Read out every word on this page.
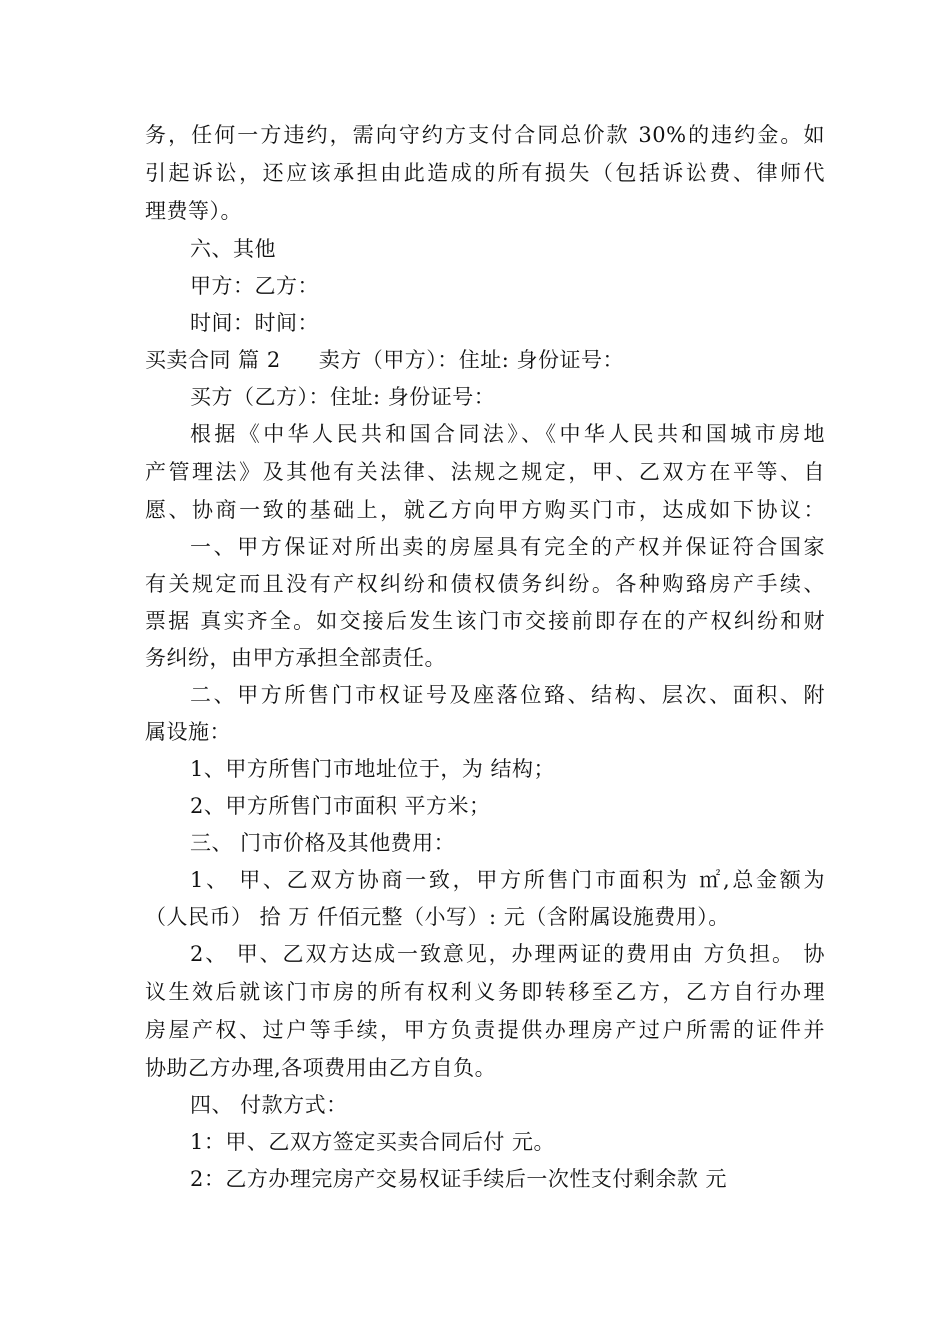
务，任何一方违约，需向守约方支付合同总价款 30%的违约金。如
引起诉讼，还应该承担由此造成的所有损失（包括诉讼费、律师代
理费等）。
六、其他
甲方：乙方：
时间：时间：
买卖合同 篇 2 卖方（甲方）：住址: 身份证号：
买方（乙方）：住址: 身份证号：
根据《中华人民共和国合同法》、《中华人民共和国城市房地
产管理法》及其他有关法律、法规之规定，甲、乙双方在平等、自
愿、协商一致的基础上，就乙方向甲方购买门市，达成如下协议：
一、甲方保证对所出卖的房屋具有完全的产权并保证符合国家
有关规定而且没有产权纠纷和债权债务纠纷。各种购臵房产手续、
票据 真实齐全。如交接后发生该门市交接前即存在的产权纠纷和财
务纠纷，由甲方承担全部责任。
二、甲方所售门市权证号及座落位臵、结构、层次、面积、附
属设施：
1、甲方所售门市地址位于，为 结构；
2、甲方所售门市面积 平方米；
三、 门市价格及其他费用：
1、 甲、乙双方协商一致，甲方所售门市面积为 ㎡,总金额为
（人民币） 拾 万 仟佰元整（小写）: 元（含附属设施费用）。
2、 甲、乙双方达成一致意见，办理两证的费用由 方负担。 协
议生效后就该门市房的所有权利义务即转移至乙方，乙方自行办理
房屋产权、过户等手续，甲方负责提供办理房产过户所需的证件并
协助乙方办理,各项费用由乙方自负。
四、 付款方式：
1：甲、乙双方签定买卖合同后付 元。
2：乙方办理完房产交易权证手续后一次性支付剩余款 元
